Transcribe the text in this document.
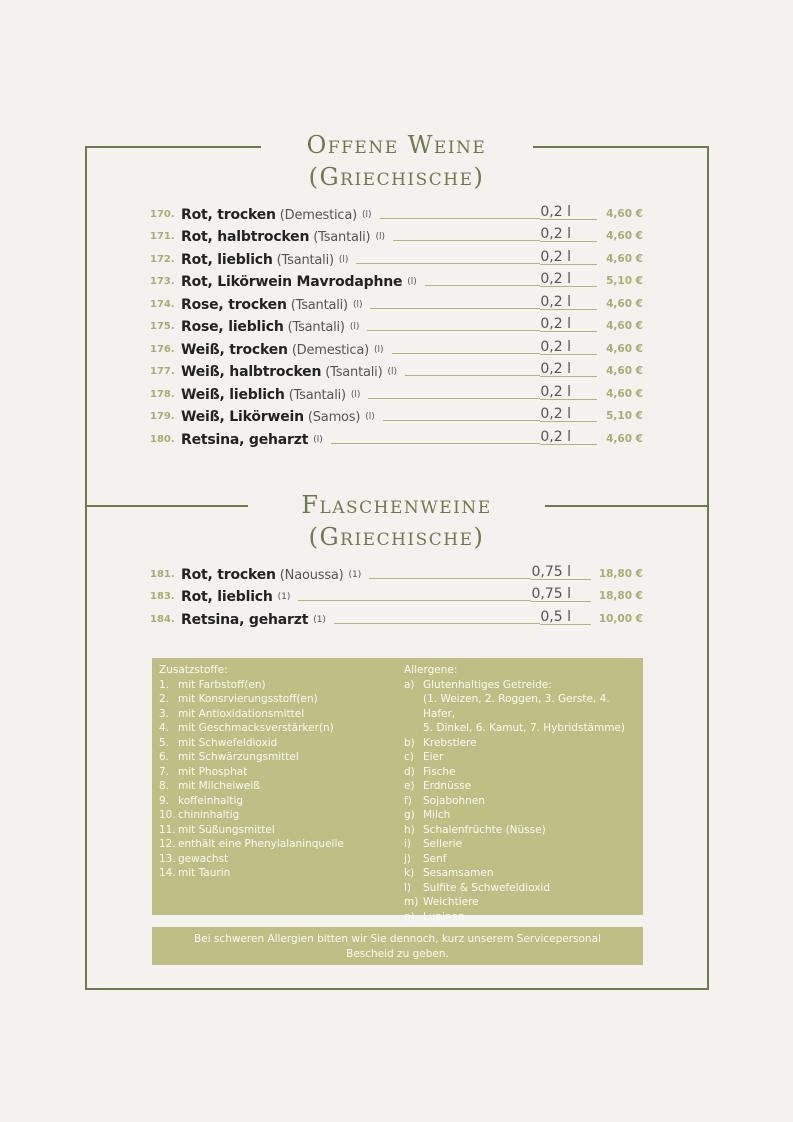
Offene Weine
(Griechische)
170. Rot, trocken (Demestica) (l)	0,2 l	4,60 €
171. Rot, halbtrocken (Tsantali) (l)	0,2 l	4,60 €
172. Rot, lieblich (Tsantali) (l)	0,2 l	4,60 €
173. Rot, Likörwein Mavrodaphne (l)	0,2 l	5,10 €
174. Rose, trocken (Tsantali) (l)	0,2 l	4,60 €
175. Rose, lieblich (Tsantali) (l)	0,2 l	4,60 €
176. Weiß, trocken (Demestica) (l)	0,2 l	4,60 €
177. Weiß, halbtrocken (Tsantali) (l)	0,2 l	4,60 €
178. Weiß, lieblich (Tsantali) (l)	0,2 l	4,60 €
179. Weiß, Likörwein (Samos) (l)	0,2 l	5,10 €
180. Retsina, geharzt (l)	0,2 l	4,60 €
Flaschenweine
(Griechische)
181. Rot, trocken (Naoussa) (1)	0,75 l	18,80 €
183. Rot, lieblich (1)	0,75 l	18,80 €
184. Retsina, geharzt (1)	0,5 l	10,00 €
Zusatzstoffe:
1. mit Farbstoff(en)
2. mit Konsrvierungsstoff(en)
3. mit Antioxidationsmittel
4. mit Geschmacksverstärker(n)
5. mit Schwefeldioxid
6. mit Schwärzungsmittel
7. mit Phosphat
8. mit Milcheiweiß
9. koffeinhaltig
10. chininhaltig
11. mit Süßungsmittel
12. enthält eine Phenylalaninquelle
13. gewachst
14. mit Taurin
Allergene:
a) Glutenhaltiges Getreide:
(1. Weizen, 2. Roggen, 3. Gerste, 4. Hafer,
5. Dinkel, 6. Kamut, 7. Hybridstämme)
b) Krebstiere
c) Eier
d) Fische
e) Erdnüsse
f)	Sojabohnen
g) Milch
h) Schalenfrüchte (Nüsse)
i)	Sellerie
j)	Senf
k) Sesamsamen
l)	Sulfite & Schwefeldioxid
m) Weichtiere
n) Lupinen
Bei schweren Allergien bitten wir Sie dennoch, kurz unserem Servicepersonal Bescheid zu geben.
